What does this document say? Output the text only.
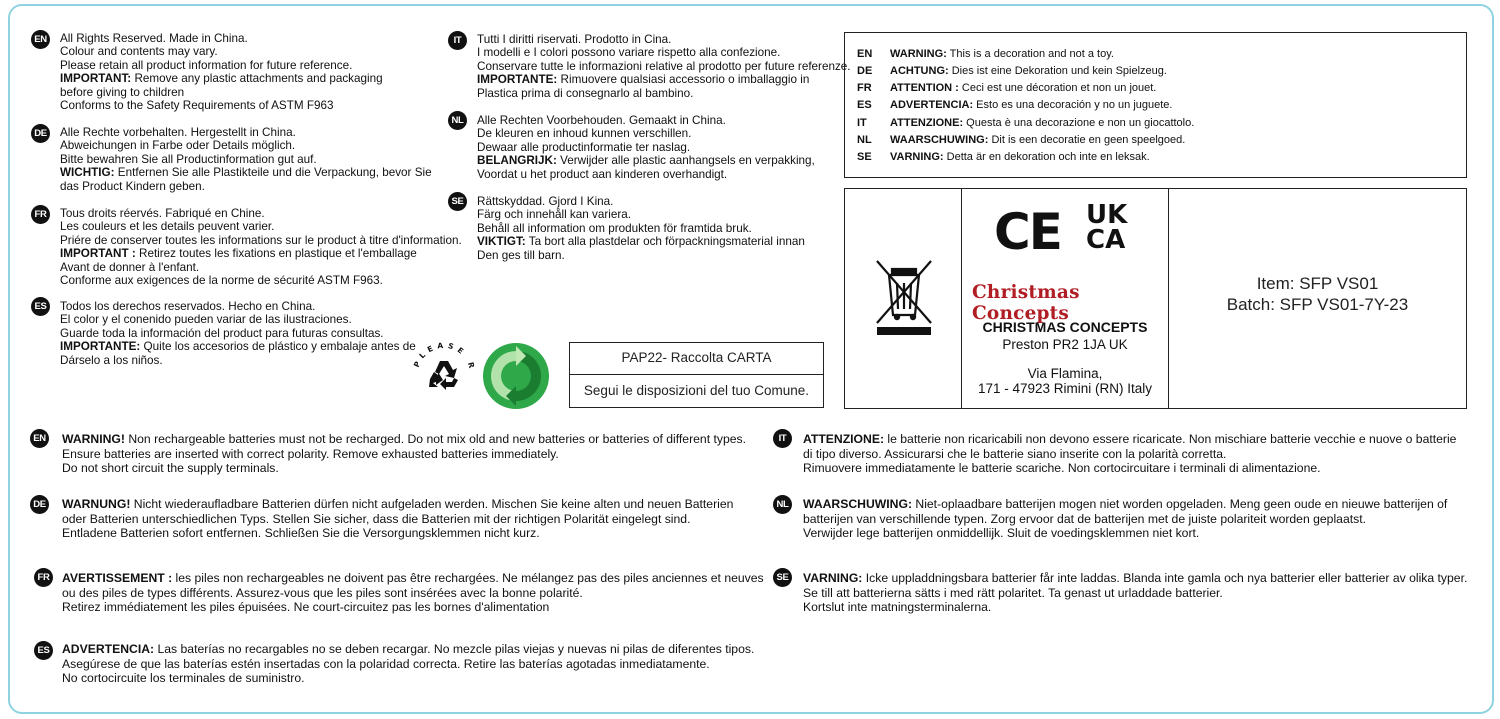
EN All Rights Reserved. Made in China.
Colour and contents may vary.
Please retain all product information for future reference.
IMPORTANT: Remove any plastic attachments and packaging
before giving to children
Conforms to the Safety Requirements of ASTM F963
DE Alle Rechte vorbehalten. Hergestellt in China.
Abweichungen in Farbe oder Details möglich.
Bitte bewahren Sie all Productinformation gut auf.
WICHTIG: Entfernen Sie alle Plastikteile und die Verpackung, bevor Sie
das Product Kindern geben.
FR Tous droits réervés. Fabriqué en Chine.
Les couleurs et les details peuvent varier.
Priére de conserver toutes les informations sur le product à titre d'information.
IMPORTANT : Retirez toutes les fixations en plastique et l'emballage
Avant de donner à l'enfant.
Conforme aux exigences de la norme de sécurité ASTM F963.
ES Todos los derechos reservados. Hecho en China.
El color y el conenido pueden variar de las ilustraciones.
Guarde toda la información del product para futuras consultas.
IMPORTANTE: Quite los accesorios de plástico y embalaje antes de
Dárselo a los niños.
IT	Tutti I diritti riservati. Prodotto in Cina.
I modelli e I colori possono variare rispetto alla confezione.
Conservare tutte le informazioni relative al prodotto per future referenze.
IMPORTANTE: Rimuovere qualsiasi accessorio o imballaggio in
Plastica prima di consegnarlo al bambino.
NL Alle Rechten Voorbehouden. Gemaakt in China.
De kleuren en inhoud kunnen verschillen.
Dewaar alle productinformatie ter naslag.
BELANGRIJK: Verwijder alle plastic aanhangsels en verpakking,
Voordat u het product aan kinderen overhandigt.
SE Rättskyddad. Gjord I Kina.
Färg och innehåll kan variera.
Behåll all information om produkten för framtida bruk.
VIKTIGT: Ta bort alla plastdelar och förpackningsmaterial innan
Den ges till barn.
PLEASE R
PAP22- Raccolta CARTA
Segui le disposizioni del tuo Comune.
EN WARNING: This is a decoration and not a toy.
DE ACHTUNG: Dies ist eine Dekoration und kein Spielzeug.
FR ATTENTION : Ceci est une décoration et non un jouet.
ES ADVERTENCIA: Esto es una decoración y no un juguete.
IT ATTENZIONE: Questa è una decorazione e non un giocattolo.
NL WAARSCHUWING: Dit is een decoratie en geen speelgoed.
SE VARNING: Detta är en dekoration och inte en leksak.
CE UK
CA
Christmas Concepts
CHRISTMAS CONCEPTS
Preston PR2 1JA UK
Via Flamina,
171 - 47923 Rimini (RN) Italy
Item: SFP VS01
Batch: SFP VS01-7Y-23
EN WARNING! Non rechargeable batteries must not be recharged. Do not mix old and new batteries or batteries of different types.
Ensure batteries are inserted with correct polarity. Remove exhausted batteries immediately.
Do not short circuit the supply terminals.
DE WARNUNG! Nicht wiederaufladbare Batterien dürfen nicht aufgeladen werden. Mischen Sie keine alten und neuen Batterien
oder Batterien unterschiedlichen Typs. Stellen Sie sicher, dass die Batterien mit der richtigen Polarität eingelegt sind.
Entladene Batterien sofort entfernen. Schließen Sie die Versorgungsklemmen nicht kurz.
FR AVERTISSEMENT : les piles non rechargeables ne doivent pas être rechargées. Ne mélangez pas des piles anciennes et neuves
ou des piles de types différents. Assurez-vous que les piles sont insérées avec la bonne polarité.
Retirez immédiatement les piles épuisées. Ne court-circuitez pas les bornes d'alimentation
ES ADVERTENCIA: Las baterías no recargables no se deben recargar. No mezcle pilas viejas y nuevas ni pilas de diferentes tipos.
Asegúrese de que las baterías estén insertadas con la polaridad correcta. Retire las baterías agotadas inmediatamente.
No cortocircuite los terminales de suministro.
IT	ATTENZIONE: le batterie non ricaricabili non devono essere ricaricate. Non mischiare batterie vecchie e nuove o batterie
di tipo diverso. Assicurarsi che le batterie siano inserite con la polarità corretta.
Rimuovere immediatamente le batterie scariche. Non cortocircuitare i terminali di alimentazione.
NL WAARSCHUWING: Niet-oplaadbare batterijen mogen niet worden opgeladen. Meng geen oude en nieuwe batterijen of
batterijen van verschillende typen. Zorg ervoor dat de batterijen met de juiste polariteit worden geplaatst.
Verwijder lege batterijen onmiddellijk. Sluit de voedingsklemmen niet kort.
SE VARNING: Icke uppladdningsbara batterier får inte laddas. Blanda inte gamla och nya batterier eller batterier av olika typer.
Se till att batterierna sätts i med rätt polaritet. Ta genast ut urladdade batterier.
Kortslut inte matningsterminalerna.
